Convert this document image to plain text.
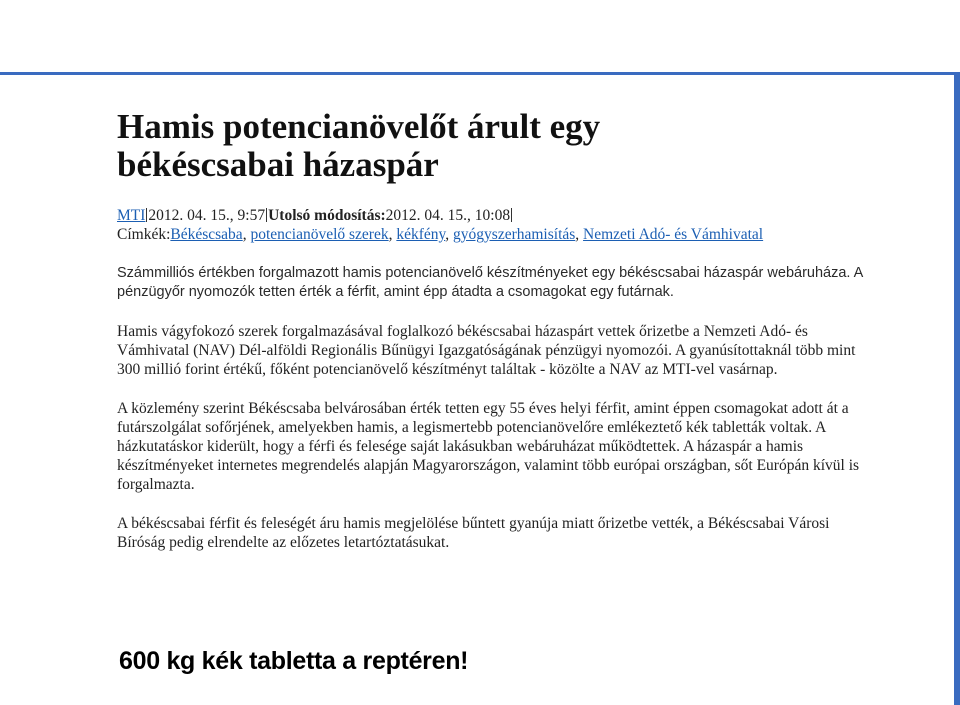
Hamis potencianövelőt árult egy békéscsabai házaspár
MTI 2012. 04. 15., 9:57 Utolsó módosítás:2012. 04. 15., 10:08
Címkék:Békéscsaba, potencianövelő szerek, kékfény, gyógyszerhamisítás, Nemzeti Adó- és Vámhivatal

Számmilliós értékben forgalmazott hamis potencianövelő készítményeket egy békéscsabai házaspár webáruháza. A pénzügyőr nyomozók tetten érték a férfit, amint épp átadta a csomagokat egy futárnak.

Hamis vágyfokozó szerek forgalmazásával foglalkozó békéscsabai házaspárt vettek őrizetbe a Nemzeti Adó- és Vámhivatal (NAV) Dél-alföldi Regionális Bűnügyi Igazgatóságának pénzügyi nyomozói. A gyanúsítottaknál több mint 300 millió forint értékű, főként potencianövelő készítményt találtak - közölte a NAV az MTI-vel vasárnap.

A közlemény szerint Békéscsaba belvárosában érték tetten egy 55 éves helyi férfit, amint éppen csomagokat adott át a futárszolgálat sofőrjének, amelyekben hamis, a legismertebb potencianövelőre emlékeztető kék tabletták voltak. A házkutatáskor kiderült, hogy a férfi és felesége saját lakásukban webáruházat működtettek. A házaspár a hamis készítményeket internetes megrendelés alapján Magyarországon, valamint több európai országban, sőt Európán kívül is forgalmazta.

A békéscsabai férfit és feleségét áru hamis megjelölése bűntett gyanúja miatt őrizetbe vették, a Békéscsabai Városi Bíróság pedig elrendelte az előzetes letartóztatásukat.

600 kg kék tabletta a reptéren!
